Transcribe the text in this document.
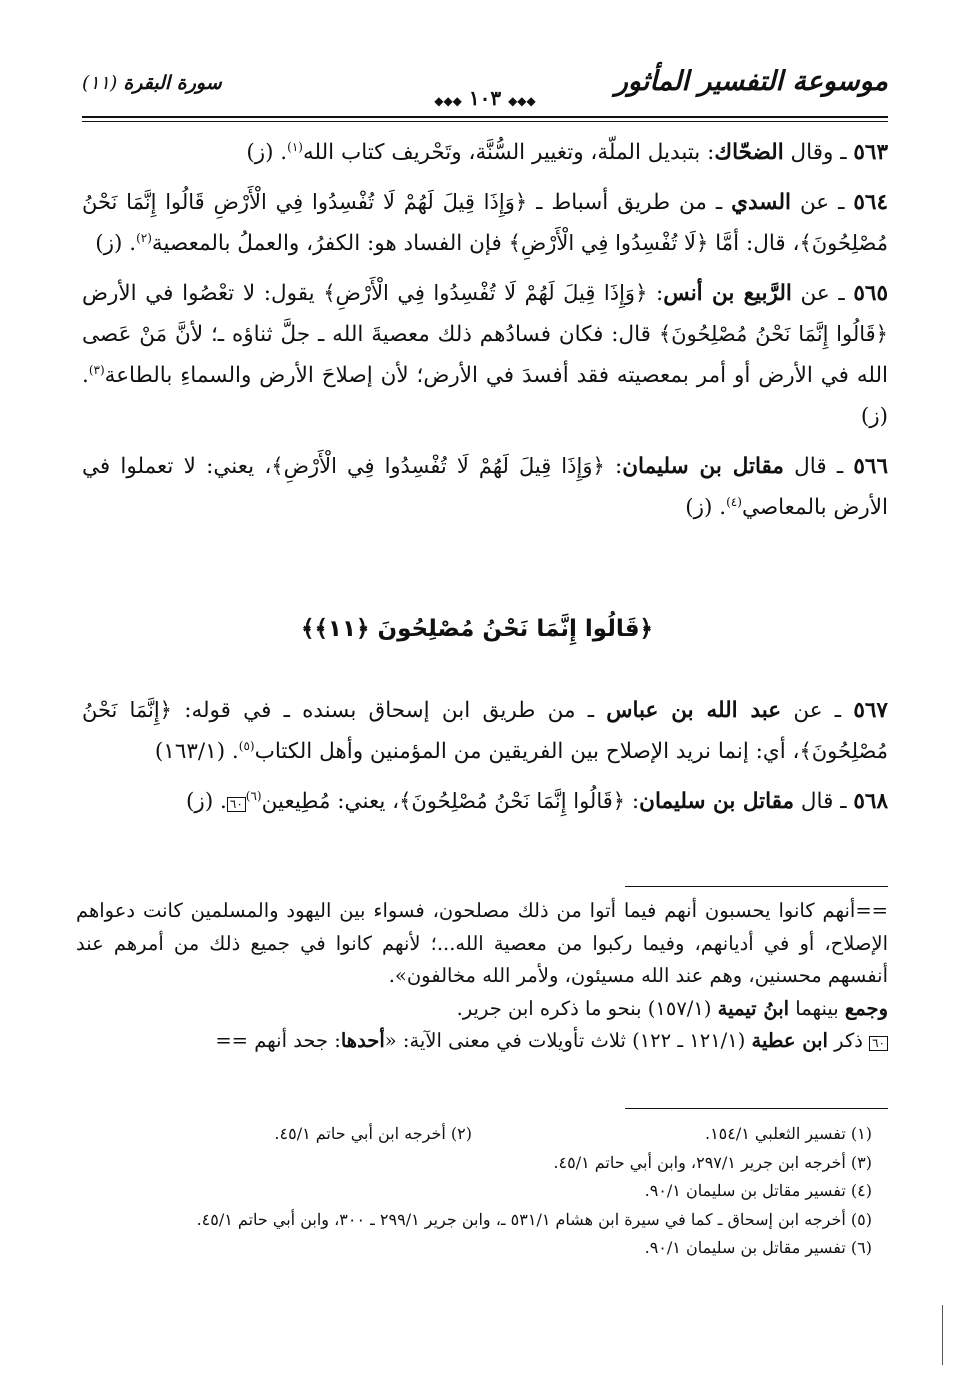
موسوعة التفسير المأثور
◆◆◆ ١٠٣ ◆◆◆
سورة البقرة (١١)

٥٦٣ ـ وقال الضحّاك: بتبديل الملّة، وتغيير السُّنَّة، وتَحْريف كتاب الله$^{(١)}$. (ز)

٥٦٤ ـ عن السدي ـ من طريق أسباط ـ ﴿وَإِذَا قِيلَ لَهُمْ لَا تُفْسِدُوا فِي الْأَرْضِ قَالُوا إِنَّمَا نَحْنُ مُصْلِحُونَ﴾، قال: أمَّا ﴿لَا تُفْسِدُوا فِي الْأَرْضِ﴾ فإن الفساد هو: الكفرُ، والعملُ بالمعصية$^{(٢)}$. (ز)

٥٦٥ ـ عن الرَّبيع بن أنس: ﴿وَإِذَا قِيلَ لَهُمْ لَا تُفْسِدُوا فِي الْأَرْضِ﴾ يقول: لا تعْصُوا في الأرض ﴿قَالُوا إِنَّمَا نَحْنُ مُصْلِحُونَ﴾ قال: فكان فسادُهم ذلك معصيةَ الله ـ جلَّ ثناؤه ـ؛ لأنَّ مَنْ عَصى الله في الأرض أو أمر بمعصيته فقد أفسدَ في الأرض؛ لأن إصلاحَ الأرض والسماءِ بالطاعة$^{(٣)}$. (ز)

٥٦٦ ـ قال مقاتل بن سليمان: ﴿وَإِذَا قِيلَ لَهُمْ لَا تُفْسِدُوا فِي الْأَرْضِ﴾، يعني: لا تعملوا في الأرض بالمعاصي$^{(٤)}$. (ز)

﴿قَالُوا إِنَّمَا نَحْنُ مُصْلِحُونَ ﴿١١﴾﴾

٥٦٧ ـ عن عبد الله بن عباس ـ من طريق ابن إسحاق بسنده ـ في قوله: ﴿إِنَّمَا نَحْنُ مُصْلِحُونَ﴾، أي: إنما نريد الإصلاح بين الفريقين من المؤمنين وأهل الكتاب$^{(٥)}$. (١٦٣/١)

٥٦٨ ـ قال مقاتل بن سليمان: ﴿قَالُوا إِنَّمَا نَحْنُ مُصْلِحُونَ﴾، يعني: مُطِيعين$^{(٦)}$٦٠. (ز)

==أنهم كانوا يحسبون أنهم فيما أتوا من ذلك مصلحون، فسواء بين اليهود والمسلمين كانت دعواهم الإصلاح، أو في أديانهم، وفيما ركبوا من معصية الله...؛ لأنهم كانوا في جميع ذلك من أمرهم عند أنفسهم محسنين، وهم عند الله مسيئون، ولأمر الله مخالفون».

وجمع بينهما ابنُ تيمية (١٥٧/١) بنحو ما ذكره ابن جرير.

٦٠ ذكر ابن عطية (١٢١/١ ـ ١٢٢) ثلاث تأويلات في معنى الآية: «أحدها: جحد أنهم ==

(١) تفسير الثعلبي ١٥٤/١.
(٢) أخرجه ابن أبي حاتم ٤٥/١.

(٣) أخرجه ابن جرير ٢٩٧/١، وابن أبي حاتم ٤٥/١.

(٤) تفسير مقاتل بن سليمان ٩٠/١.

(٥) أخرجه ابن إسحاق ـ كما في سيرة ابن هشام ٥٣١/١ ـ، وابن جرير ٢٩٩/١ ـ ٣٠٠، وابن أبي حاتم ٤٥/١.

(٦) تفسير مقاتل بن سليمان ٩٠/١.
